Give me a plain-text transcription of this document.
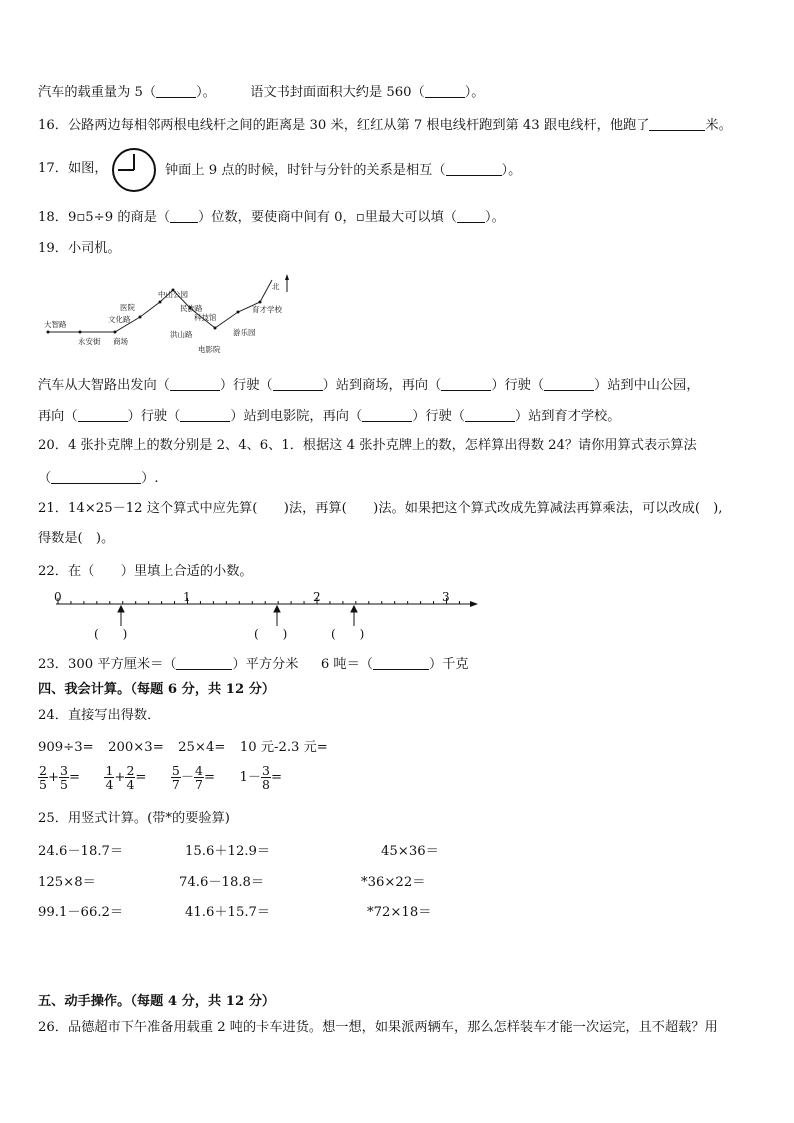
汽车的载重量为 5（	）。	语文书封面面积大约是 560（	）。
16．公路两边每相邻两根电线杆之间的距离是 30 米，红红从第 7 根电线杆跑到第 43 跟电线杆，他跑了	米。
17．如图，	钟面上 9 点的时候，时针与分针的关系是相互（	）。
18．9▫5÷9 的商是（ ）位数，要使商中间有 0，▫里最大可以填（ ）。
19．小司机。
北
大智路
永安街 商场
文化路
医院
中山公园
民族路
科技馆
洪山路
电影院
游乐园
育才学校
汽车从大智路出发向（	）行驶（	）站到商场，再向（	）行驶（	）站到中山公园，
再向（	）行驶（	）站到电影院，再向（	）行驶（	）站到育才学校。
20．4 张扑克牌上的数分别是 2、4、6、1．根据这 4 张扑克牌上的数，怎样算出得数 24？请你用算式表示算法
（	）.
21．14×25－12 这个算式中应先算(　　)法，再算(　　)法。如果把这个算式改成先算减法再算乘法，可以改成(　),
得数是(　)。
22．在（　　）里填上合适的小数。
0	1	2	3
(　　)	(　　)	(　　)
23．300 平方厘米＝（	）平方分米 6 吨＝（	）千克
四、我会计算。（每题 6 分，共 12 分）
24．直接写出得数．
909÷3= 200×3= 25×4= 10 元-2.3 元=
$\frac{2}{5} + \frac{3}{5} = \frac{1}{4} + \frac{2}{4} = \frac{5}{7} - \frac{4}{7} = 1- \frac{3}{8}$ =
25．用竖式计算。(带*的要验算)
24.6－18.7＝	15.6＋12.9＝	45×36＝
125×8＝	74.6－18.8＝	*36×22＝
99.1－66.2＝	41.6＋15.7＝	*72×18＝
五、动手操作。（每题 4 分，共 12 分）
26．品德超市下午准备用载重 2 吨的卡车进货。想一想，如果派两辆车，那么怎样装车才能一次运完，且不超载？用
